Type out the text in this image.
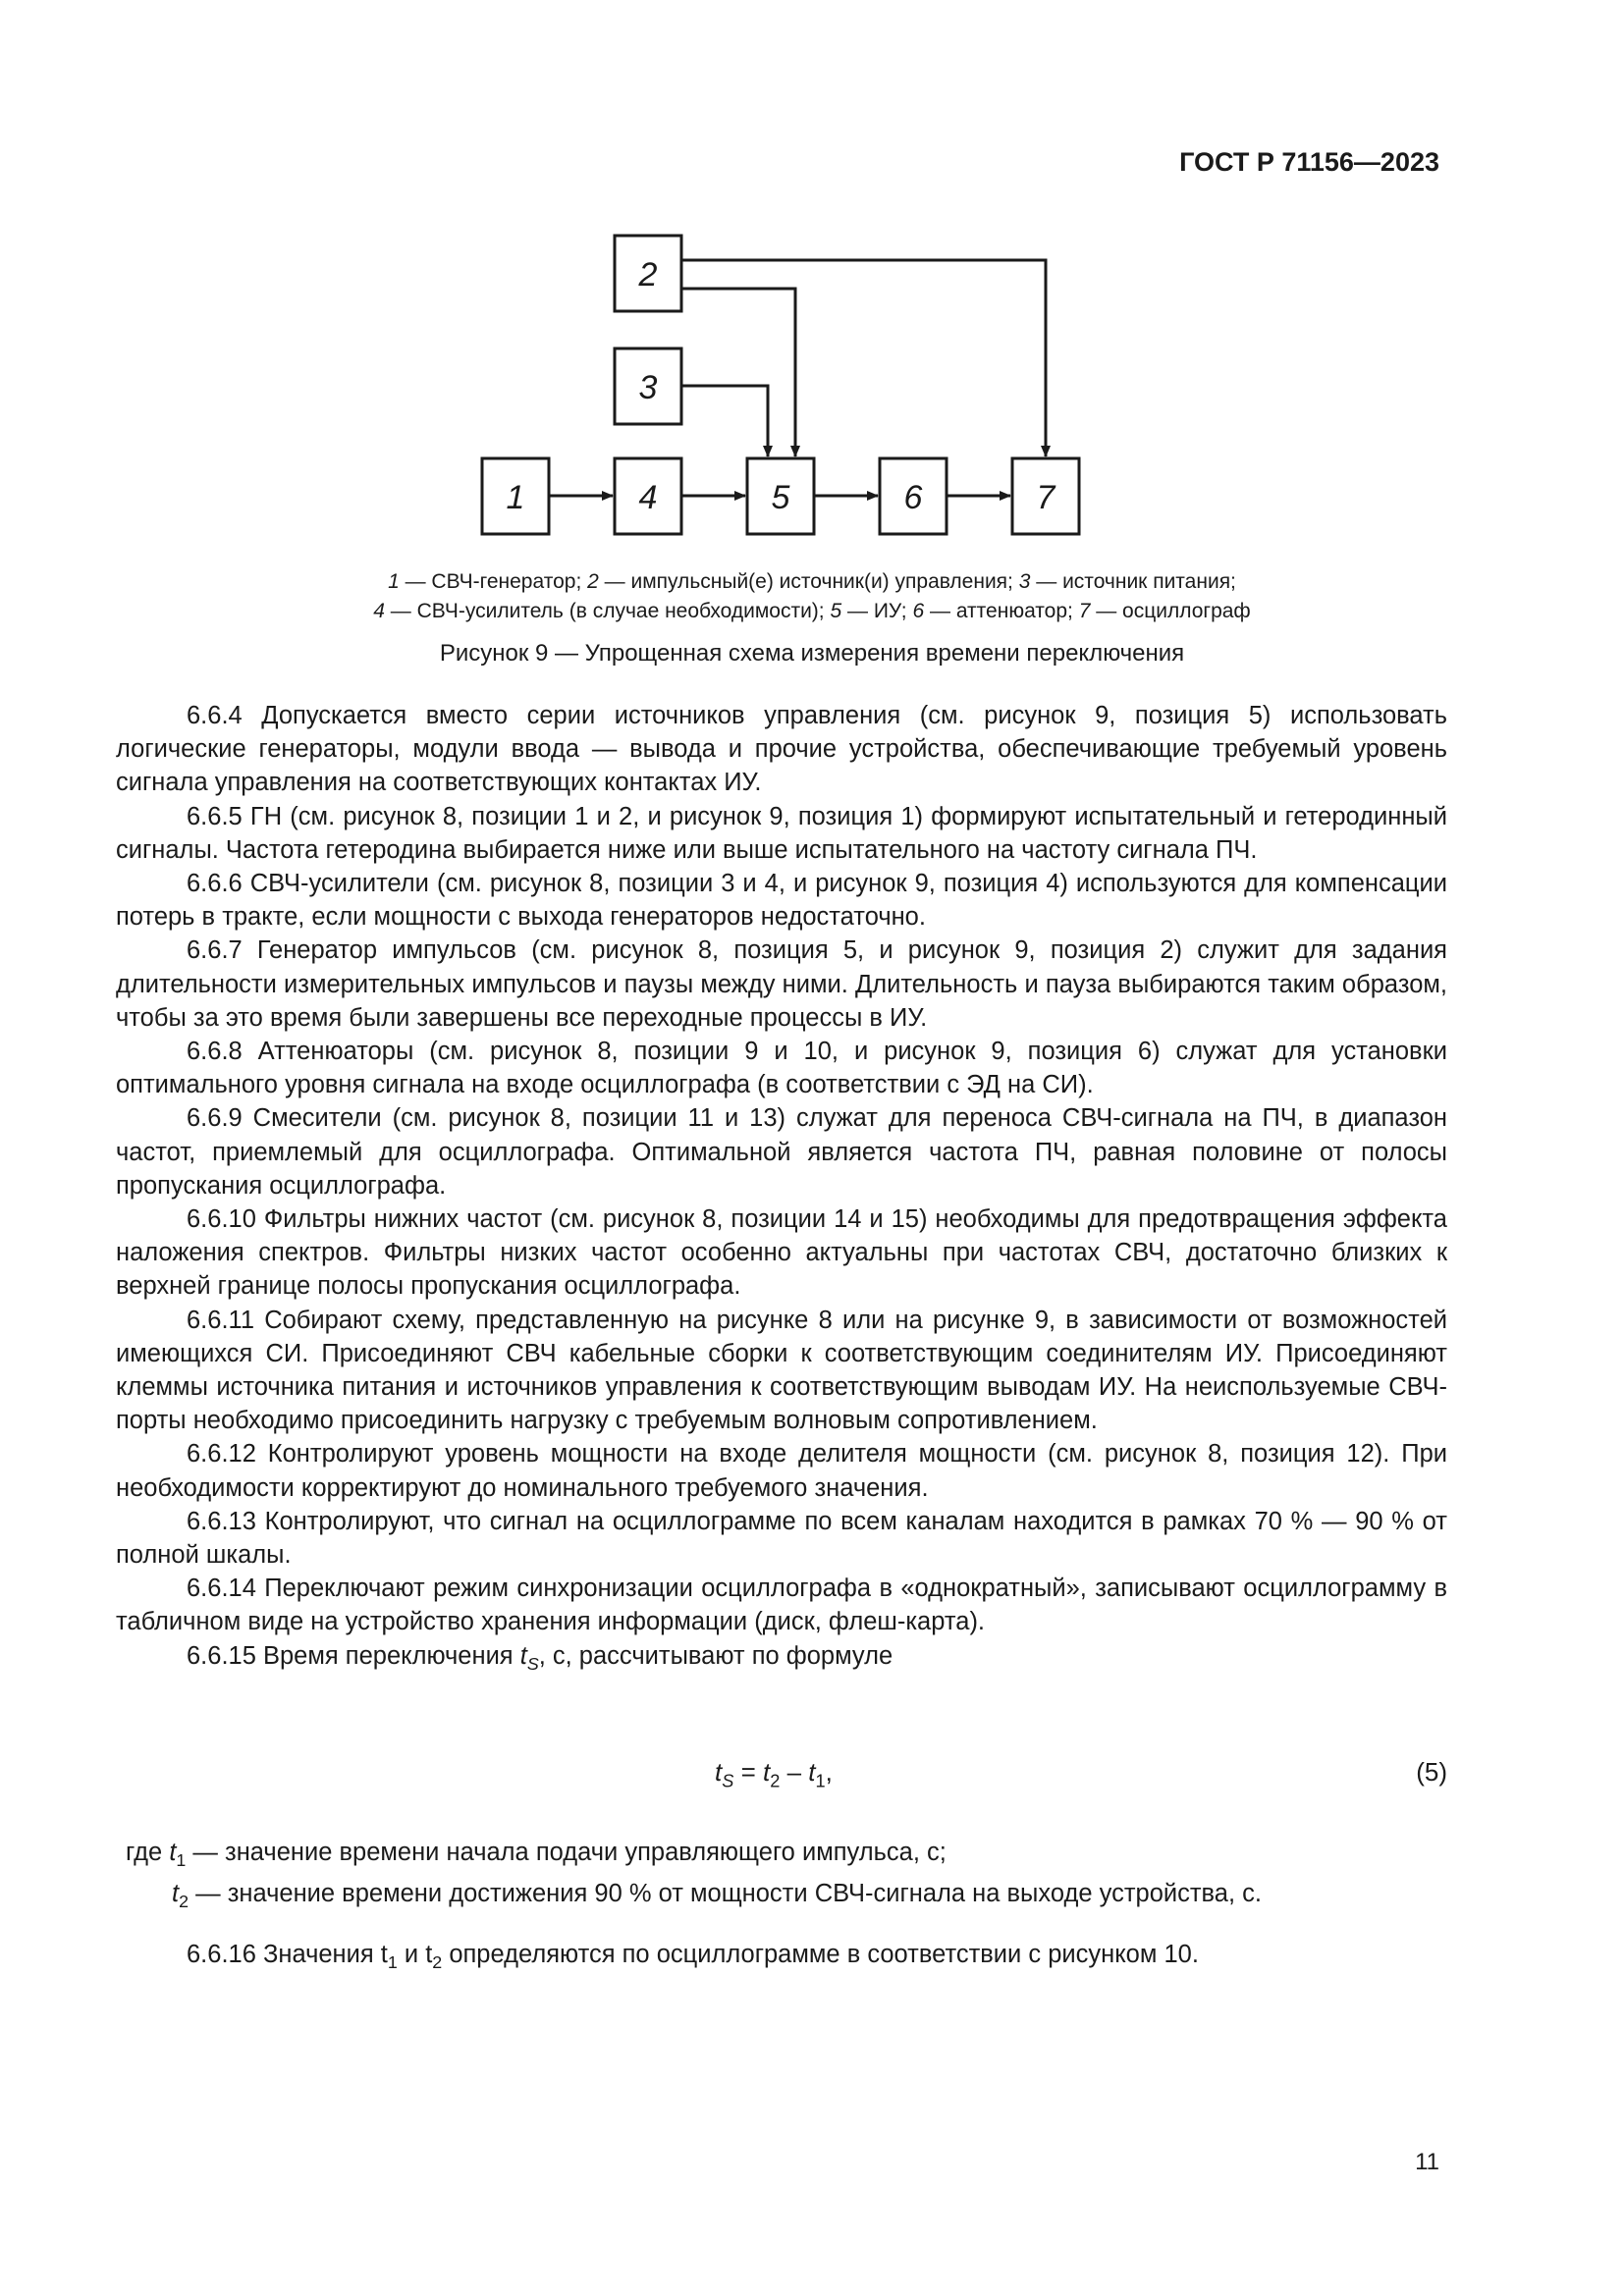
ГОСТ Р 71156—2023
2
3
1	4	5	6	7
1 — СВЧ-генератор; 2 — импульсный(е) источник(и) управления; 3 — источник питания;
4 — СВЧ-усилитель (в случае необходимости); 5 — ИУ; 6 — аттенюатор; 7 — осциллограф
Рисунок 9 — Упрощенная схема измерения времени переключения

6.6.4 Допускается вместо серии источников управления (см. рисунок 9, позиция 5) использовать логические генераторы, модули ввода — вывода и прочие устройства, обеспечивающие требуемый уровень сигнала управления на соответствующих контактах ИУ.

6.6.5 ГН (см. рисунок 8, позиции 1 и 2, и рисунок 9, позиция 1) формируют испытательный и гетеродинный сигналы. Частота гетеродина выбирается ниже или выше испытательного на частоту сигнала ПЧ.

6.6.6 СВЧ-усилители (см. рисунок 8, позиции 3 и 4, и рисунок 9, позиция 4) используются для компенсации потерь в тракте, если мощности с выхода генераторов недостаточно.

6.6.7 Генератор импульсов (см. рисунок 8, позиция 5, и рисунок 9, позиция 2) служит для задания длительности измерительных импульсов и паузы между ними. Длительность и пауза выбираются таким образом, чтобы за это время были завершены все переходные процессы в ИУ.

6.6.8 Аттенюаторы (см. рисунок 8, позиции 9 и 10, и рисунок 9, позиция 6) служат для установки оптимального уровня сигнала на входе осциллографа (в соответствии с ЭД на СИ).

6.6.9 Смесители (см. рисунок 8, позиции 11 и 13) служат для переноса СВЧ-сигнала на ПЧ, в диапазон частот, приемлемый для осциллографа. Оптимальной является частота ПЧ, равная половине от полосы пропускания осциллографа.

6.6.10 Фильтры нижних частот (см. рисунок 8, позиции 14 и 15) необходимы для предотвращения эффекта наложения спектров. Фильтры низких частот особенно актуальны при частотах СВЧ, достаточно близких к верхней границе полосы пропускания осциллографа.

6.6.11 Собирают схему, представленную на рисунке 8 или на рисунке 9, в зависимости от возможностей имеющихся СИ. Присоединяют СВЧ кабельные сборки к соответствующим соединителям ИУ. Присоединяют клеммы источника питания и источников управления к соответствующим выводам ИУ. На неиспользуемые СВЧ-порты необходимо присоединить нагрузку с требуемым волновым сопротивлением.

6.6.12 Контролируют уровень мощности на входе делителя мощности (см. рисунок 8, позиция 12). При необходимости корректируют до номинального требуемого значения.

6.6.13 Контролируют, что сигнал на осциллограмме по всем каналам находится в рамках 70 % — 90 % от полной шкалы.

6.6.14 Переключают режим синхронизации осциллографа в «однократный», записывают осциллограмму в табличном виде на устройство хранения информации (диск, флеш-карта).

6.6.15 Время переключения $t_S$, с, рассчитывают по формуле

$t_S = t_2 - t_1$,	(5)
где $t_1$ — значение времени начала подачи управляющего импульса, с;
$t_2$ — значение времени достижения 90 % от мощности СВЧ-сигнала на выходе устройства, с.
6.6.16 Значения $t_1$ и $t_2$ определяются по осциллограмме в соответствии с рисунком 10.
11
